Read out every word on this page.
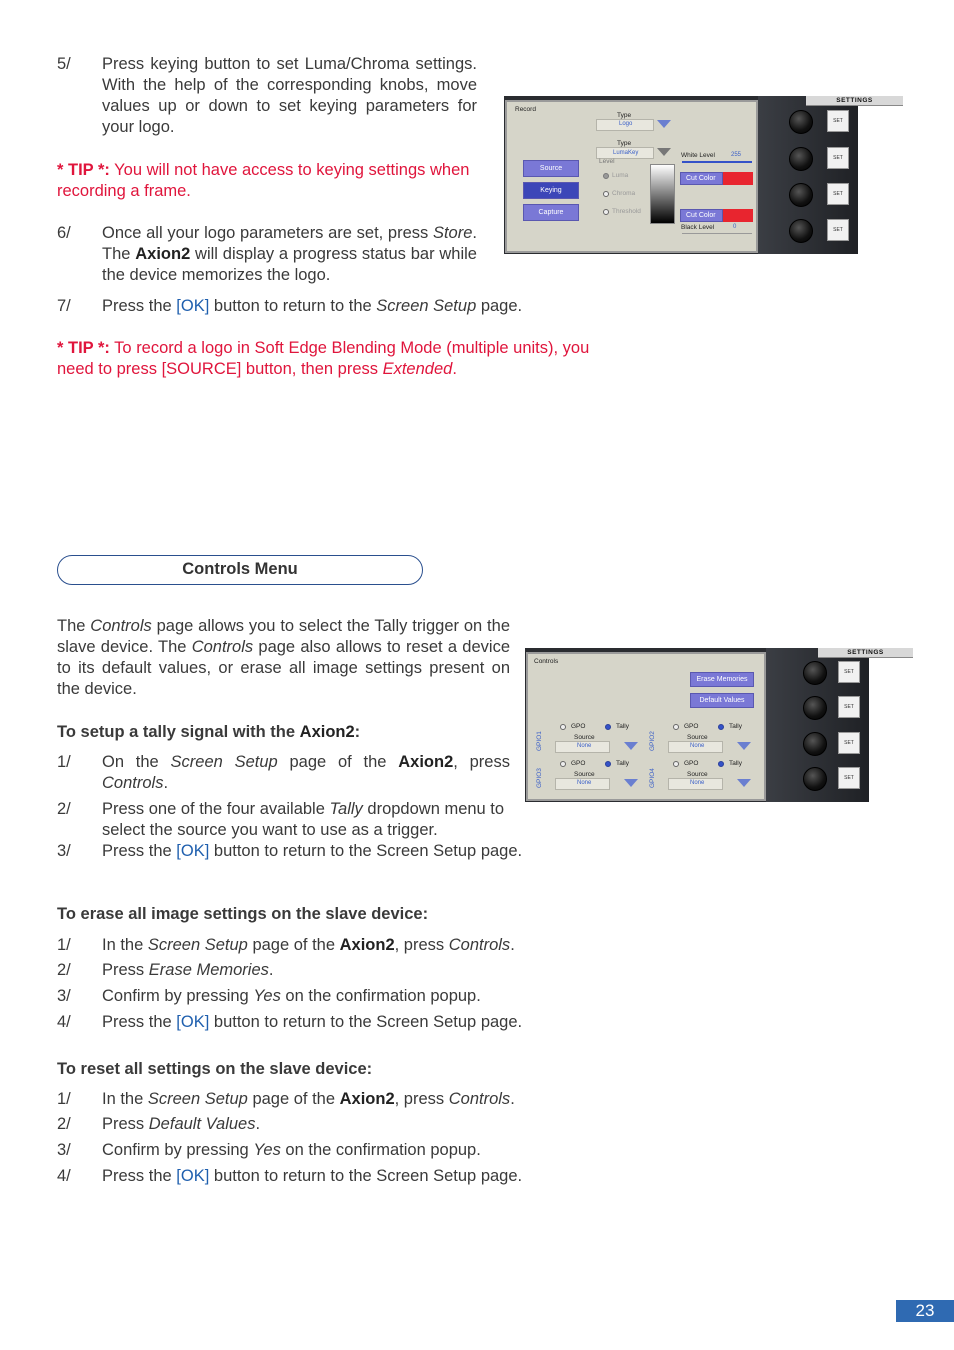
5/ Press keying button to set Luma/Chroma settings. With the help of the corresponding knobs, move values up or down to set keying parameters for your logo.
* TIP *: You will not have access to keying settings when recording a frame.
6/ Once all your logo parameters are set, press Store. The Axion2 will display a progress status bar while the device memorizes the logo.
7/ Press the [OK] button to return to the Screen Setup page.
* TIP *: To record a logo in Soft Edge Blending Mode (multiple units), you need to press [SOURCE] button, then press Extended.
Record
Type
Logo
Type
LumaKey
Level
Luma
Chroma
Threshold
Source
Keying
Capture
White Level	255
Cut Color
Cut Color
Black Level	0
SETTINGS
SET
SET
SET
SET
Controls Menu
The Controls page allows you to select the Tally trigger on the slave device. The Controls page also allows to reset a device to its default values, or erase all image settings present on the device.
To setup a tally signal with the Axion2:
1/ On the Screen Setup page of the Axion2, press Controls.
2/ Press one of the four available Tally dropdown menu to select the source you want to use as a trigger.
3/ Press the [OK] button to return to the Screen Setup page.
To erase all image settings on the slave device:
1/ In the Screen Setup page of the Axion2, press Controls.
2/ Press Erase Memories.
3/ Confirm by pressing Yes on the confirmation popup.
4/ Press the [OK] button to return to the Screen Setup page.
To reset all settings on the slave device:
1/ In the Screen Setup page of the Axion2, press Controls.
2/ Press Default Values.
3/ Confirm by pressing Yes on the confirmation popup.
4/ Press the [OK] button to return to the Screen Setup page.
Controls
Erase Memories
Default Values
GPIO1
GPO	Tally
Source
None	GPIO2
GPO	Tally
Source
None
GPIO3
GPO	Tally
Source
None	GPIO4
GPO	Tally
Source
None
SETTINGS
SET
SET
SET
SET
23
